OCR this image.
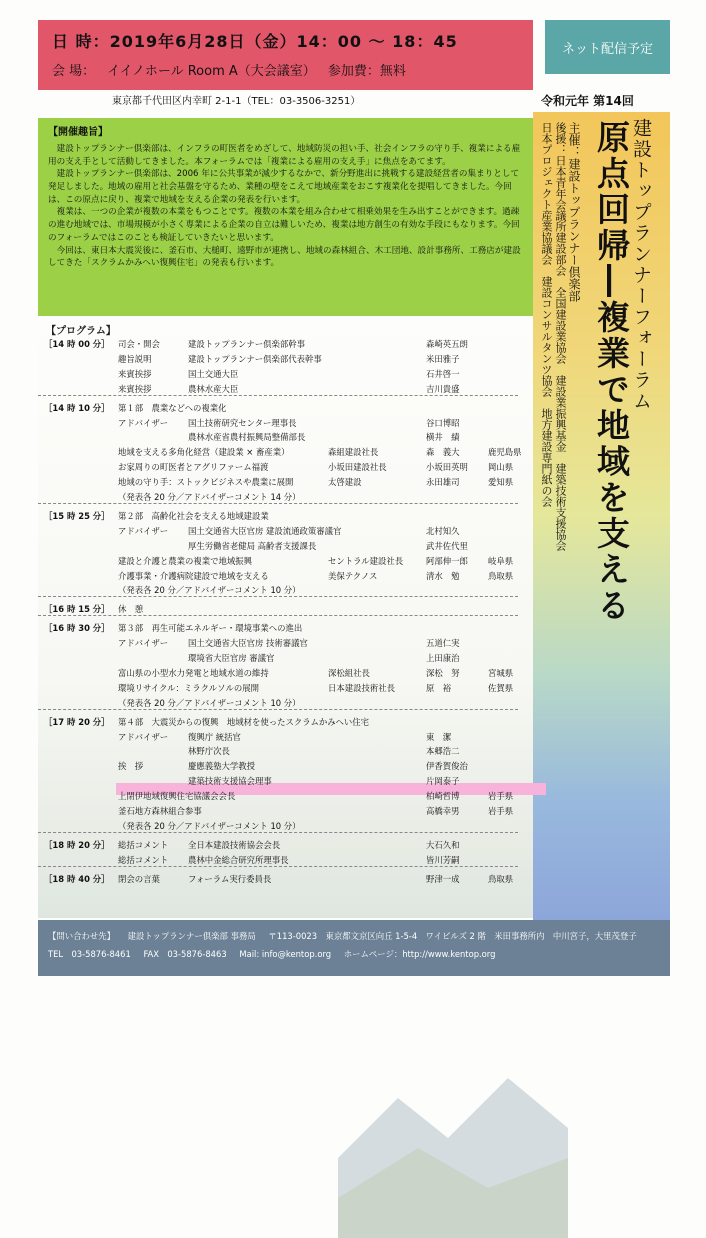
日 時：2019年6月28日（金）14：00 ～ 18：45
会 場： イイノホール Room A（大会議室） 参加費：無料
東京都千代田区内幸町 2-1-1（TEL：03-3506-3251）
ネット配信予定
令和元年 第14回
建設トップランナーフォーラム
原点回帰―複業で地域を支える
主催：建設トップランナー倶楽部
後援：日本青年会議所建設部会　全国建設業協会　建設業振興基金　建築技術支援協会
日本プロジェクト産業協議会　建設コンサルタンツ協会　地方建設専門紙の会
【開催趣旨】

建設トップランナー倶楽部は、インフラの町医者をめざして、地域防災の担い手、社会インフラの守り手、複業による雇用の支え手として活動してきました。本フォーラムでは「複業による雇用の支え手」に焦点をあてます。

建設トップランナー倶楽部は、2006 年に公共事業が減少するなかで、新分野進出に挑戦する建設経営者の集まりとして発足しました。地域の雇用と社会基盤を守るため、業種の壁をこえて地域産業をおこす複業化を提唱してきました。今回は、この原点に戻り、複業で地域を支える企業の発表を行います。

複業は、一つの企業が複数の本業をもつことです。複数の本業を組み合わせて相乗効果を生み出すことができます。過疎の進む地域では、市場規模が小さく専業による企業の自立は難しいため、複業は地方創生の有効な手段にもなります。今回のフォーラムではこのことも検証していきたいと思います。

今回は、東日本大震災後に、釜石市、大槌町、遠野市が連携し、地域の森林組合、木工団地、設計事務所、工務店が建設してきた「スクラムかみへい復興住宅」の発表も行います。

【プログラム】
［14 時 00 分］ 司会・開会	建設トップランナー倶楽部幹事	森崎英五朗
趣旨説明	建設トップランナー倶楽部代表幹事	米田雅子
来賓挨拶	国土交通大臣	石井啓一
来賓挨拶	農林水産大臣	吉川貴盛
［14 時 10 分］ 第１部　農業などへの複業化
アドバイザー 国土技術研究センター理事長	谷口博昭
農林水産省農村振興局整備部長	横井　績
地域を支える多角化経営（建設業 × 畜産業）	森組建設社長	森　義大	鹿児島県
お家周りの町医者とアグリファーム福渡	小坂田建設社長	小坂田英明 岡山県
地域の守り手：ストックビジネスや農業に展開	太啓建設	永田雄司	愛知県
（発表各 20 分／アドバイザーコメント 14 分）
［15 時 25 分］ 第２部　高齢化社会を支える地域建設業
アドバイザー 国土交通省大臣官房 建設流通政策審議官	北村知久
厚生労働省老健局 高齢者支援課長	武井佐代里
建設と介護と農業の複業で地域振興	セントラル建設社長	阿部伸一郎 岐阜県
介護事業・介護病院建設で地域を支える	美保テクノス	清水　勉	鳥取県
（発表各 20 分／アドバイザーコメント 10 分）
［16 時 15 分］ 休　憩
［16 時 30 分］ 第３部　再生可能エネルギー・環境事業への進出
アドバイザー 国土交通省大臣官房 技術審議官	五道仁実
環境省大臣官房 審議官	上田康治
富山県の小型水力発電と地域水道の維持	深松組社長	深松　努	宮城県
環境リサイクル：ミラクルソルの展開	日本建設技術社長	原　裕	佐賀県
（発表各 20 分／アドバイザーコメント 10 分）
［17 時 20 分］ 第４部　大震災からの復興　地域材を使ったスクラムかみへい住宅
アドバイザー 復興庁 統括官	東　潔
林野庁次長	本郷浩二
挨　拶	慶應義塾大学教授	伊香賀俊治
建築技術支援協会理事	片岡泰子
上閉伊地域復興住宅協議会会長	柏崎哲博	岩手県
釜石地方森林組合参事	高橋幸男	岩手県
（発表各 20 分／アドバイザーコメント 10 分）
［18 時 20 分］ 総括コメント 全日本建設技術協会会長	大石久和
総括コメント 農林中金総合研究所理事長	皆川芳嗣
［18 時 40 分］ 閉会の言葉	フォーラム実行委員長	野津一成	鳥取県
【問い合わせ先】 建設トップランナー倶楽部 事務局 〒113-0023　東京都文京区向丘 1-5-4　ワイビルズ 2 階　米田事務所内　中川宮子，大里茂登子
TEL　03-5876-8461 FAX　03-5876-8463 Mail: info@kentop.org ホームページ：http://www.kentop.org
